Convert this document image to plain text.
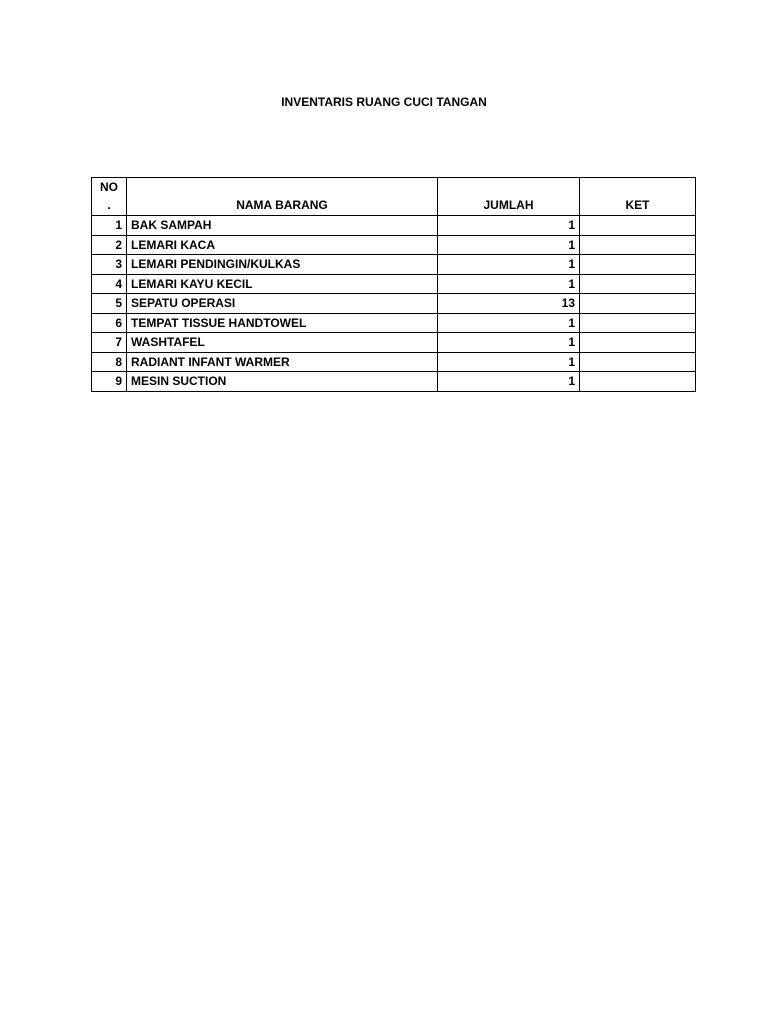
INVENTARIS RUANG CUCI TANGAN
NO
.	NAMA BARANG	JUMLAH	KET
1	BAK SAMPAH	1	
2	LEMARI KACA	1	
3	LEMARI PENDINGIN/KULKAS	1	
4	LEMARI KAYU KECIL	1	
5	SEPATU OPERASI	13	
6	TEMPAT TISSUE HANDTOWEL	1	
7	WASHTAFEL	1	
8	RADIANT INFANT WARMER	1	
9	MESIN SUCTION	1	
